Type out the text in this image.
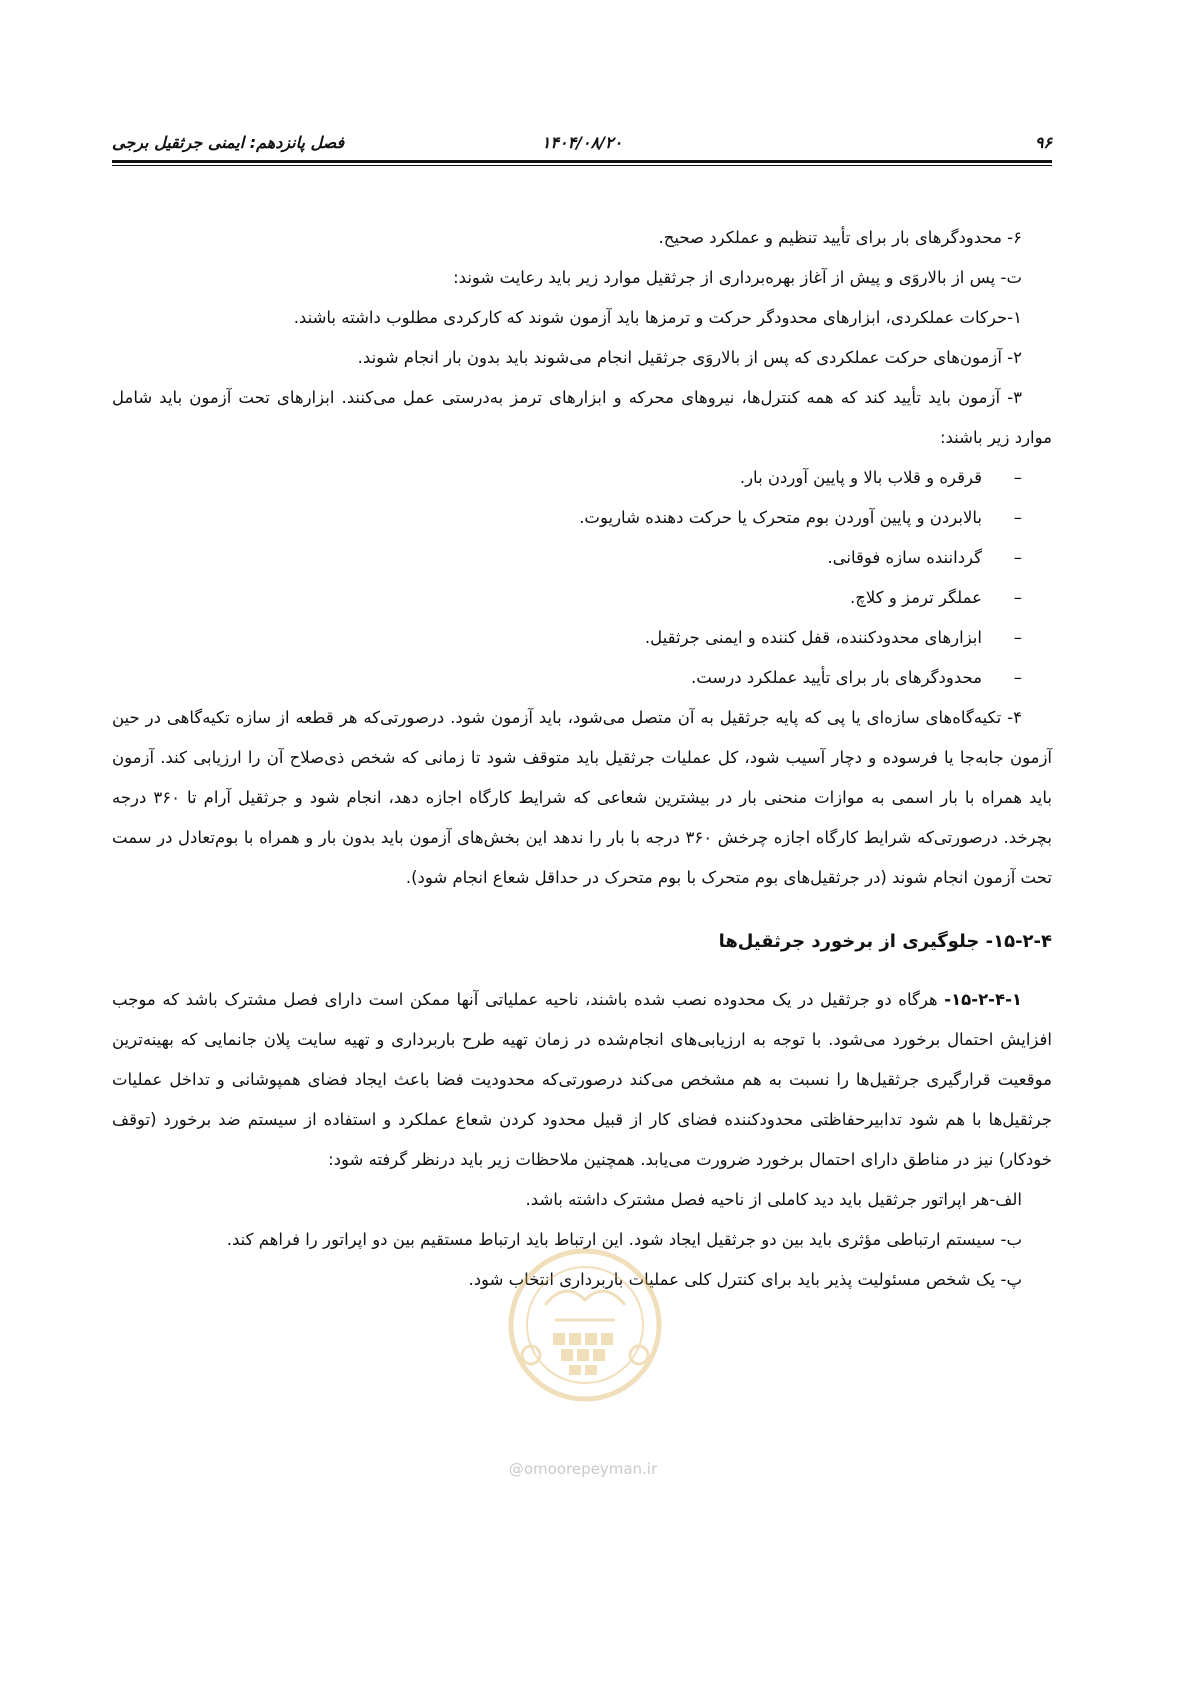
۹۶
۱۴۰۴/۰۸/۲۰
فصل پانزدهم: ایمنی جرثقیل برجی

۶- محدودگرهای بار برای تأیید تنظیم و عملکرد صحیح.

ت- پس از بالاروَی و پیش از آغاز بهره‌برداری از جرثقیل موارد زیر باید رعایت شوند:

۱-حرکات عملکردی، ابزارهای محدودگر حرکت و ترمزها باید آزمون شوند که کارکردی مطلوب داشته باشند.

۲- آزمون‌های حرکت عملکردی که پس از بالاروَی جرثقیل انجام می‌شوند باید بدون بار انجام شوند.

۳- آزمون باید تأیید کند که همه کنترل‌ها، نیروهای محرکه و ابزارهای ترمز به‌درستی عمل می‌کنند. ابزارهای تحت آزمون باید شامل موارد زیر باشند:

–
قرقره و قلاب بالا و پایین آوردن بار.
–
بالابردن و پایین آوردن بوم متحرک یا حرکت دهنده شاریوت.
–
گرداننده سازه فوقانی.
–
عملگر ترمز و کلاچ.
–
ابزارهای محدودکننده، قفل کننده و ایمنی جرثقیل.
–
محدودگرهای بار برای تأیید عملکرد درست.

۴- تکیه‌گاه‌های سازه‌ای یا پی که پایه جرثقیل به آن متصل می‌شود، باید آزمون شود. درصورتی‌که هر قطعه از سازه تکیه‌گاهی در حین آزمون جابه‌جا یا فرسوده و دچار آسیب شود، کل عملیات جرثقیل باید متوقف شود تا زمانی که شخص ذی‌صلاح آن را ارزیابی کند. آزمون باید همراه با بار اسمی به موازات منحنی بار در بیشترین شعاعی که شرایط کارگاه اجازه دهد، انجام شود و جرثقیل آرام تا ۳۶۰ درجه بچرخد. درصورتی‌که شرایط کارگاه اجازه چرخش ۳۶۰ درجه با بار را ندهد این بخش‌های آزمون باید بدون بار و همراه با بوم‌تعادل در سمت تحت آزمون انجام شوند (در جرثقیل‌های بوم متحرک با بوم متحرک در حداقل شعاع انجام شود).

۱۵-۲-۴- جلوگیری از برخورد جرثقیل‌ها

۱۵-۲-۴-۱- هرگاه دو جرثقیل در یک محدوده نصب شده باشند، ناحیه عملیاتی آنها ممکن است دارای فصل مشترک باشد که موجب افزایش احتمال برخورد می‌شود. با توجه به ارزیابی‌های انجام‌شده در زمان تهیه طرح باربرداری و تهیه سایت پلان جانمایی که بهینه‌ترین موقعیت قرارگیری جرثقیل‌ها را نسبت به هم مشخص می‌کند درصورتی‌که محدودیت فضا باعث ایجاد فضای همپوشانی و تداخل عملیات جرثقیل‌ها با هم شود تدابیرحفاظتی محدودکننده فضای کار از قبیل محدود کردن شعاع عملکرد و استفاده از سیستم ضد برخورد (توقف خودکار) نیز در مناطق دارای احتمال برخورد ضرورت می‌یابد. همچنین ملاحظات زیر باید درنظر گرفته شود:

الف-هر اپراتور جرثقیل باید دید کاملی از ناحیه فصل مشترک داشته باشد.

ب- سیستم ارتباطی مؤثری باید بین دو جرثقیل ایجاد شود. این ارتباط باید ارتباط مستقیم بین دو اپراتور را فراهم کند.

پ- یک شخص مسئولیت پذیر باید برای کنترل کلی عملیات باربرداری انتخاب شود.

@omoorepeyman.ir
